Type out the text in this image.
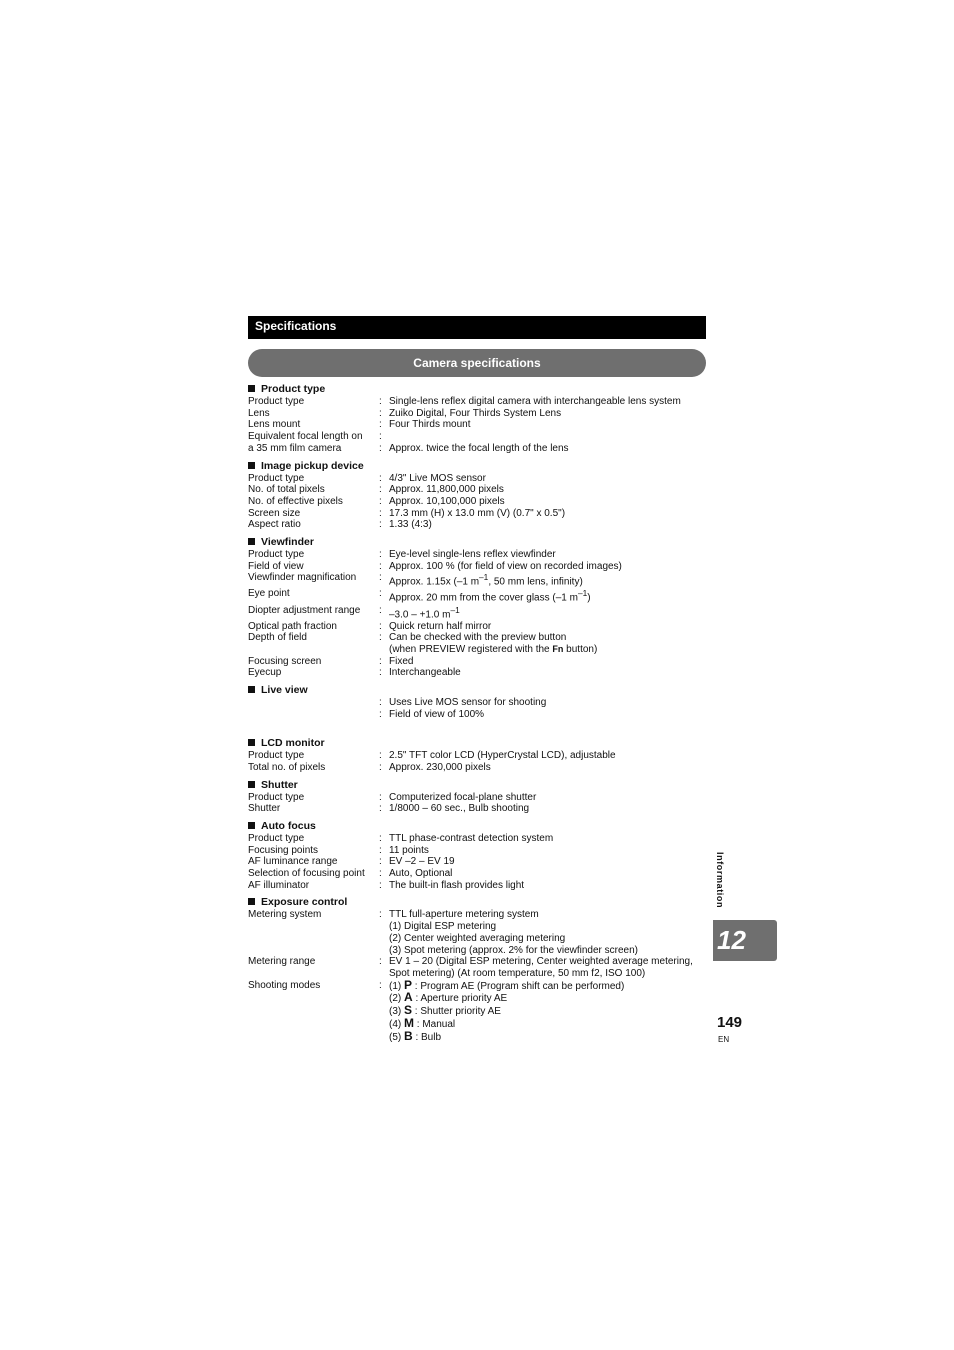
Specifications
Camera specifications
Product type
Product type	: Single-lens reflex digital camera with interchangeable lens system
Lens	: Zuiko Digital, Four Thirds System Lens
Lens mount	: Four Thirds mount
Equivalent focal length on	:
a 35 mm film camera	: Approx. twice the focal length of the lens
Image pickup device
Product type	: 4/3" Live MOS sensor
No. of total pixels	: Approx. 11,800,000 pixels
No. of effective pixels	: Approx. 10,100,000 pixels
Screen size	: 17.3 mm (H) x 13.0 mm (V) (0.7" x 0.5")
Aspect ratio	: 1.33 (4:3)
Viewfinder
Product type	: Eye-level single-lens reflex viewfinder
Field of view	: Approx. 100 % (for field of view on recorded images)
Viewfinder magnification	: Approx. 1.15x (–1 $m^{-1}$, 50 mm lens, infinity)
Eye point	: Approx. 20 mm from the cover glass (–1 $m^{-1}$)
Diopter adjustment range	: –3.0 – +1.0 $m^{-1}$
Optical path fraction	: Quick return half mirror
Depth of field	: Can be checked with the preview button
(when PREVIEW registered with the Fn button)
Focusing screen	: Fixed
Eyecup	: Interchangeable
Live view
: Uses Live MOS sensor for shooting
: Field of view of 100%
LCD monitor
Product type	: 2.5" TFT color LCD (HyperCrystal LCD), adjustable
Total no. of pixels	: Approx. 230,000 pixels
Shutter
Product type	: Computerized focal-plane shutter
Shutter	: 1/8000 – 60 sec., Bulb shooting
Auto focus
Product type	: TTL phase-contrast detection system
Focusing points	: 11 points
AF luminance range	: EV –2 – EV 19
Selection of focusing point	: Auto, Optional
AF illuminator	: The built-in flash provides light
Exposure control
Metering system	: TTL full-aperture metering system
(1) Digital ESP metering
(2) Center weighted averaging metering
(3) Spot metering (approx. 2% for the viewfinder screen)
Metering range	: EV 1 – 20 (Digital ESP metering, Center weighted average metering,
Spot metering) (At room temperature, 50 mm f2, ISO 100)
Shooting modes	: (1) P : Program AE (Program shift can be performed)
(2) A : Aperture priority AE
(3) S : Shutter priority AE
(4) M : Manual
(5) B : Bulb
Information
12
149
EN
